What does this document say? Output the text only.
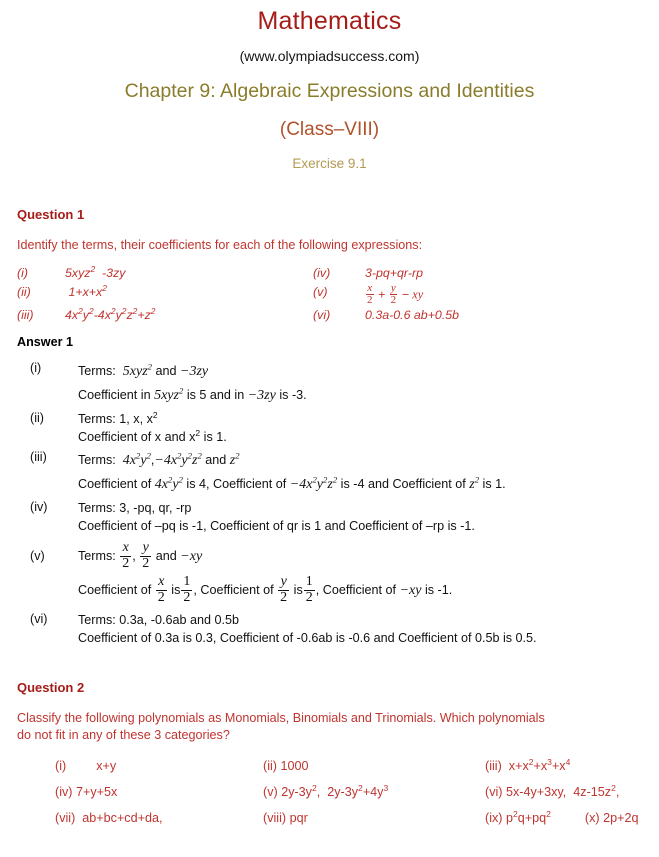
Mathematics
(www.olympiadsuccess.com)
Chapter 9: Algebraic Expressions and Identities
(Class–VIII)
Exercise 9.1
Question 1
Identify the terms, their coefficients for each of the following expressions:
(i)	5xyz$^2$  -3zy	(iv)	3-pq+qr-rp
(ii)	$1+x+x^2$	(v)	$\frac{x}{2} + \frac{y}{2}$ − xy
(iii)	$4x^2y^2-4x^2y^2z^2+z^2$	(vi)	0.3a-0.6 ab+0.5b
Answer 1
(i)	Terms: 5xyz$^2$ and −3zy
Coefficient in 5xyz$^2$ is 5 and in −3zy is -3.
(ii)	Terms: 1, x, $x^2$
Coefficient of x and $x^2$ is 1.
(iii)	Terms: $4x^2y^2,-4x^2y^2z^2$ and $z^2$
Coefficient of $4x^2y^2$ is 4, Coefficient of $-4x^2y^2z^2$ is -4 and Coefficient of $z^2$ is 1.
(iv)	Terms: 3, -pq, qr, -rp
Coefficient of –pq is -1, Coefficient of qr is 1 and Coefficient of –rp is -1.
(v)	Terms: $\frac{x}{2}$ , $\frac{y}{2}$ and −xy
Coefficient of $\frac{x}{2}$ is $\frac{1}{2}$ , Coefficient of $\frac{y}{2}$ is $\frac{1}{2}$ , Coefficient of −xy is -1.
(vi)	Terms: 0.3a, -0.6ab and 0.5b
Coefficient of 0.3a is 0.3, Coefficient of -0.6ab is -0.6 and Coefficient of 0.5b is 0.5.
Question 2
Classify the following polynomials as Monomials, Binomials and Trinomials. Which polynomials
do not fit in any of these 3 categories?
(i) x+y	(ii) 1000	(iii) $x+x^2+x^3+x^4$
(iv) 7+y+5x	(v) $2y-3y^2$,  $2y-3y^2+4y^3$	(vi) 5x-4y+3xy,  $4z-15z^2$,
(vii) ab+bc+cd+da,	(viii) pqr	(ix) $p^2q+pq^2$	(x) 2p+2q
